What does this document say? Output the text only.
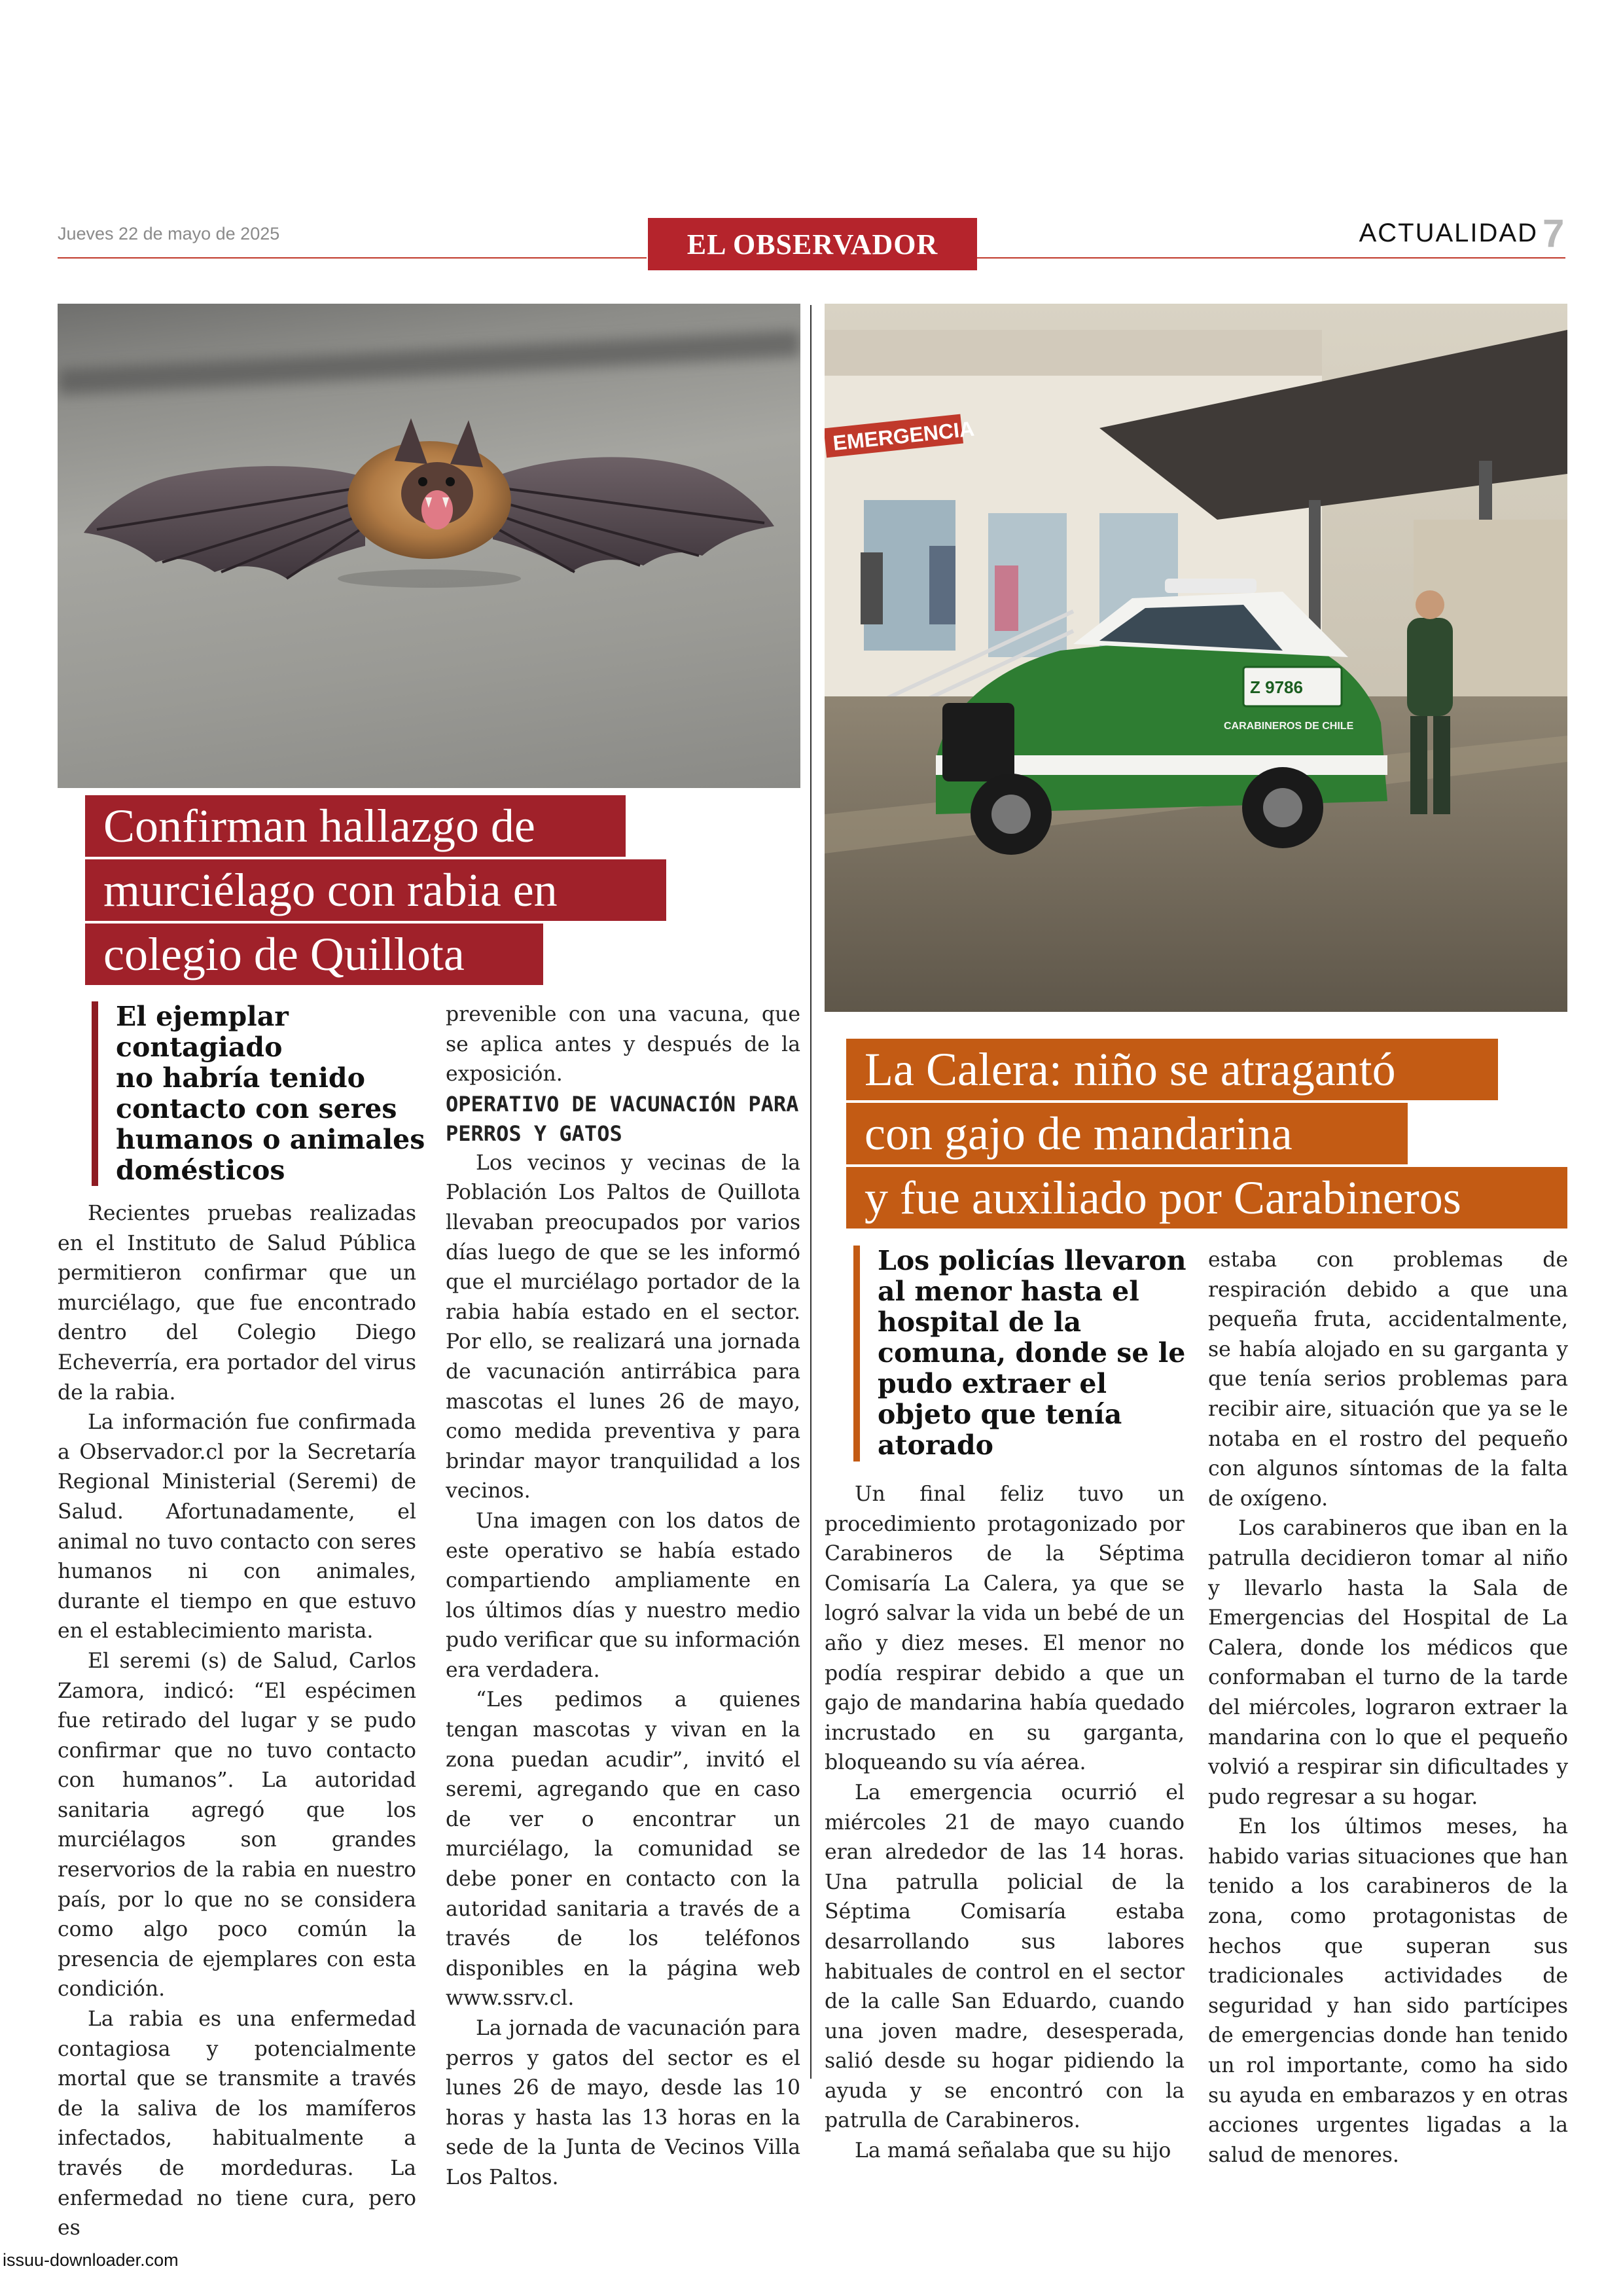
Jueves 22 de mayo de 2025	EL OBSERVADOR	ACTUALIDAD 7
Confirman hallazgo de
murciélago con rabia en
colegio de Quillota
El ejemplar
contagiado
no habría tenido
contacto con seres
humanos o animales
domésticos

Recientes pruebas realizadas en el Instituto de Salud Pública permitieron confirmar que un murciélago, que fue encontrado dentro del Colegio Diego Echeverría, era portador del virus de la rabia.

La información fue confirmada a Observador.cl por la Secretaría Regional Ministerial (Seremi) de Salud. Afortunadamente, el animal no tuvo contacto con seres humanos ni con animales, durante el tiempo en que estuvo en el establecimiento marista.

El seremi (s) de Salud, Carlos Zamora, indicó: “El espécimen fue retirado del lugar y se pudo confirmar que no tuvo contacto con humanos”. La autoridad sanitaria agregó que los murciélagos son grandes reservorios de la rabia en nuestro país, por lo que no se considera como algo poco común la presencia de ejemplares con esta condición.

La rabia es una enfermedad contagiosa y potencialmente mortal que se transmite a través de la saliva de los mamíferos infectados, habitualmente a través de mordeduras. La enfermedad no tiene cura, pero es

prevenible con una vacuna, que se aplica antes y después de la exposición.

OPERATIVO DE VACUNACIÓN PARA PERROS Y GATOS

Los vecinos y vecinas de la Población Los Paltos de Quillota llevaban preocupados por varios días luego de que se les informó que el murciélago portador de la rabia había estado en el sector. Por ello, se realizará una jornada de vacunación antirrábica para mascotas el lunes 26 de mayo, como medida preventiva y para brindar mayor tranquilidad a los vecinos.

Una imagen con los datos de este operativo se había estado compartiendo ampliamente en los últimos días y nuestro medio pudo verificar que su información era verdadera.

“Les pedimos a quienes tengan mascotas y vivan en la zona puedan acudir”, invitó el seremi, agregando que en caso de ver o encontrar un murciélago, la comunidad se debe poner en contacto con la autoridad sanitaria a través de a través de los teléfonos disponibles en la página web www.ssrv.cl.

La jornada de vacunación para perros y gatos del sector es el lunes 26 de mayo, desde las 10 horas y hasta las 13 horas en la sede de la Junta de Vecinos Villa Los Paltos.

EMERGENCIA
Z 9786
CARABINEROS DE CHILE
La Calera: niño se atragantó
con gajo de mandarina
y fue auxiliado por Carabineros
Los policías llevaron
al menor hasta el
hospital de la
comuna, donde se le
pudo extraer el
objeto que tenía
atorado

Un final feliz tuvo un procedimiento protagonizado por Carabineros de la Séptima Comisaría La Calera, ya que se logró salvar la vida un bebé de un año y diez meses. El menor no podía respirar debido a que un gajo de mandarina había quedado incrustado en su garganta, bloqueando su vía aérea.

La emergencia ocurrió el miércoles 21 de mayo cuando eran alrededor de las 14 horas. Una patrulla policial de la Séptima Comisaría estaba desarrollando sus labores habituales de control en el sector de la calle San Eduardo, cuando una joven madre, desesperada, salió desde su hogar pidiendo la ayuda y se encontró con la patrulla de Carabineros.

La mamá señalaba que su hijo

estaba con problemas de respiración debido a que una pequeña fruta, accidentalmente, se había alojado en su garganta y que tenía serios problemas para recibir aire, situación que ya se le notaba en el rostro del pequeño con algunos síntomas de la falta de oxígeno.

Los carabineros que iban en la patrulla decidieron tomar al niño y llevarlo hasta la Sala de Emergencias del Hospital de La Calera, donde los médicos que conformaban el turno de la tarde del miércoles, lograron extraer la mandarina con lo que el pequeño volvió a respirar sin dificultades y pudo regresar a su hogar.

En los últimos meses, ha habido varias situaciones que han tenido a los carabineros de la zona, como protagonistas de hechos que superan sus tradicionales actividades de seguridad y han sido partícipes de emergencias donde han tenido un rol importante, como ha sido su ayuda en embarazos y en otras acciones urgentes ligadas a la salud de menores.

issuu-downloader.com
